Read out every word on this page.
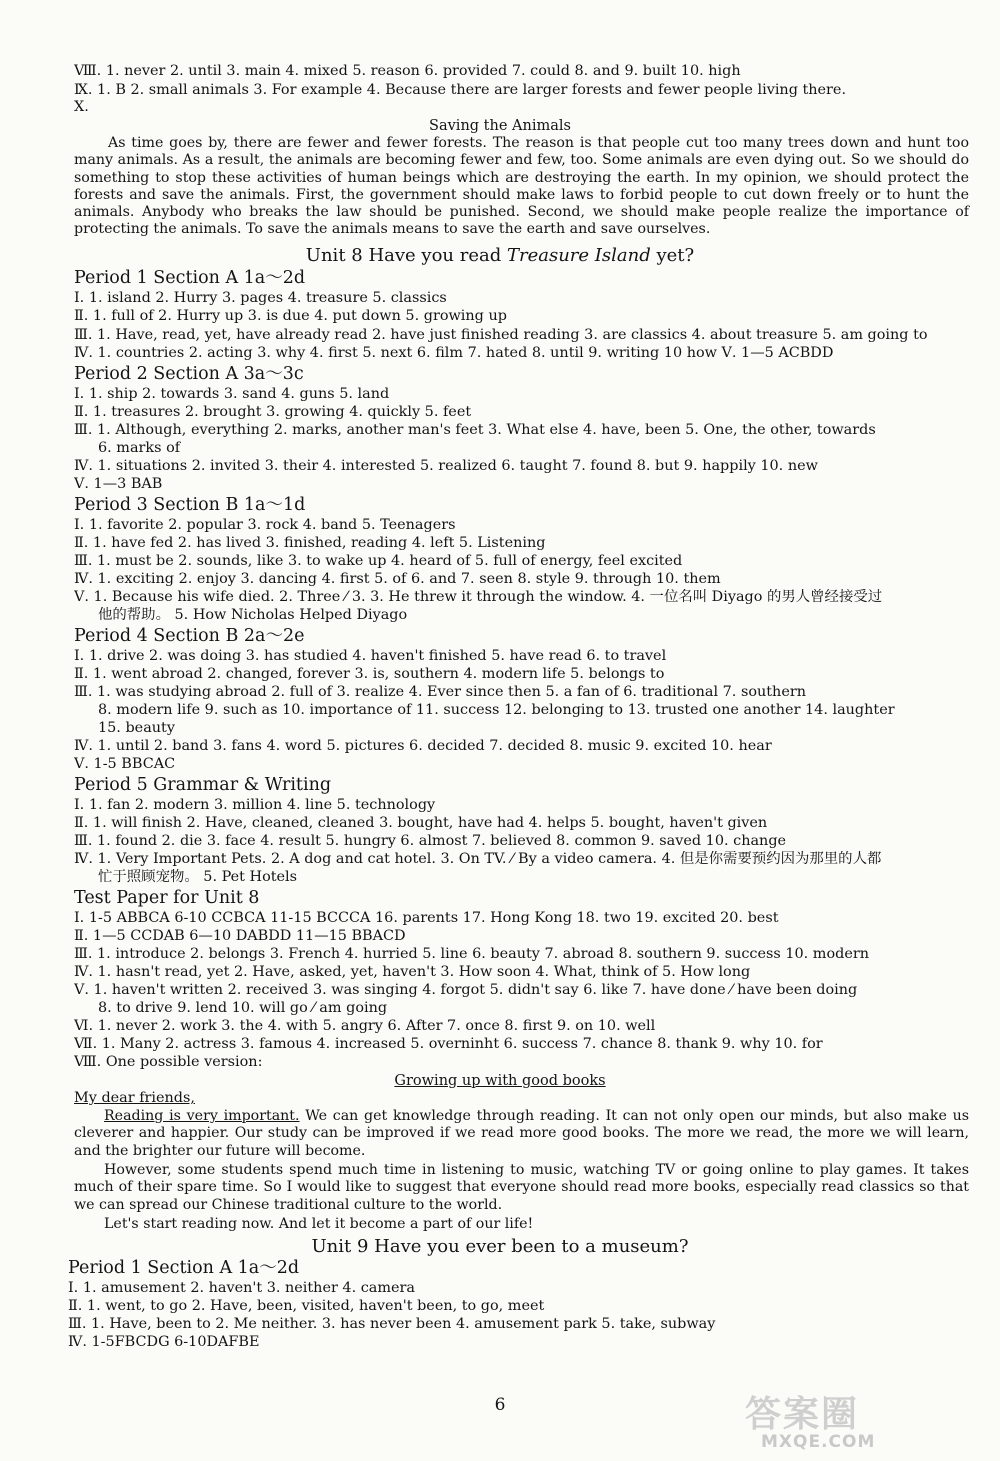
Ⅷ. 1. never 2. until 3. main 4. mixed 5. reason 6. provided 7. could 8. and 9. built 10. high
Ⅸ. 1. B 2. small animals 3. For example 4. Because there are larger forests and fewer people living there.
Ⅹ.
Saving the Animals
As time goes by, there are fewer and fewer forests. The reason is that people cut too many trees down and hunt too many animals. As a result, the animals are becoming fewer and few, too. Some animals are even dying out. So we should do something to stop these activities of human beings which are destroying the earth. In my opinion, we should protect the forests and save the animals. First, the government should make laws to forbid people to cut down freely or to hunt the animals. Anybody who breaks the law should be punished. Second, we should make people realize the importance of protecting the animals. To save the animals means to save the earth and save ourselves.
Unit 8 Have you read Treasure Island yet?
Period 1 Section A 1a～2d
Ⅰ. 1. island 2. Hurry 3. pages 4. treasure 5. classics
Ⅱ. 1. full of 2. Hurry up 3. is due 4. put down 5. growing up
Ⅲ. 1. Have, read, yet, have already read 2. have just finished reading 3. are classics 4. about treasure 5. am going to
Ⅳ. 1. countries 2. acting 3. why 4. first 5. next 6. film 7. hated 8. until 9. writing 10 how Ⅴ. 1—5 ACBDD
Period 2 Section A 3a～3c
Ⅰ. 1. ship 2. towards 3. sand 4. guns 5. land
Ⅱ. 1. treasures 2. brought 3. growing 4. quickly 5. feet
Ⅲ. 1. Although, everything 2. marks, another man's feet 3. What else 4. have, been 5. One, the other, towards
6. marks of
Ⅳ. 1. situations 2. invited 3. their 4. interested 5. realized 6. taught 7. found 8. but 9. happily 10. new
Ⅴ. 1—3 BAB
Period 3 Section B 1a～1d
Ⅰ. 1. favorite 2. popular 3. rock 4. band 5. Teenagers
Ⅱ. 1. have fed 2. has lived 3. finished, reading 4. left 5. Listening
Ⅲ. 1. must be 2. sounds, like 3. to wake up 4. heard of 5. full of energy, feel excited
Ⅳ. 1. exciting 2. enjoy 3. dancing 4. first 5. of 6. and 7. seen 8. style 9. through 10. them
Ⅴ. 1. Because his wife died. 2. Three ⁄ 3. 3. He threw it through the window. 4. 一位名叫 Diyago 的男人曾经接受过
他的帮助。 5. How Nicholas Helped Diyago
Period 4 Section B 2a～2e
Ⅰ. 1. drive 2. was doing 3. has studied 4. haven't finished 5. have read 6. to travel
Ⅱ. 1. went abroad 2. changed, forever 3. is, southern 4. modern life 5. belongs to
Ⅲ. 1. was studying abroad 2. full of 3. realize 4. Ever since then 5. a fan of 6. traditional 7. southern
8. modern life 9. such as 10. importance of 11. success 12. belonging to 13. trusted one another 14. laughter
15. beauty
Ⅳ. 1. until 2. band 3. fans 4. word 5. pictures 6. decided 7. decided 8. music 9. excited 10. hear
Ⅴ. 1-5 BBCAC
Period 5 Grammar & Writing
Ⅰ. 1. fan 2. modern 3. million 4. line 5. technology
Ⅱ. 1. will finish 2. Have, cleaned, cleaned 3. bought, have had 4. helps 5. bought, haven't given
Ⅲ. 1. found 2. die 3. face 4. result 5. hungry 6. almost 7. believed 8. common 9. saved 10. change
Ⅳ. 1. Very Important Pets. 2. A dog and cat hotel. 3. On TV. ⁄ By a video camera. 4. 但是你需要预约因为那里的人都
忙于照顾宠物。 5. Pet Hotels
Test Paper for Unit 8
Ⅰ. 1-5 ABBCA 6-10 CCBCA 11-15 BCCCA 16. parents 17. Hong Kong 18. two 19. excited 20. best
Ⅱ. 1—5 CCDAB 6—10 DABDD 11—15 BBACD
Ⅲ. 1. introduce 2. belongs 3. French 4. hurried 5. line 6. beauty 7. abroad 8. southern 9. success 10. modern
Ⅳ. 1. hasn't read, yet 2. Have, asked, yet, haven't 3. How soon 4. What, think of 5. How long
Ⅴ. 1. haven't written 2. received 3. was singing 4. forgot 5. didn't say 6. like 7. have done ⁄ have been doing
8. to drive 9. lend 10. will go ⁄ am going
Ⅵ. 1. never 2. work 3. the 4. with 5. angry 6. After 7. once 8. first 9. on 10. well
Ⅶ. 1. Many 2. actress 3. famous 4. increased 5. overninht 6. success 7. chance 8. thank 9. why 10. for
Ⅷ. One possible version:
Growing up with good books
My dear friends,
Reading is very important. We can get knowledge through reading. It can not only open our minds, but also make us cleverer and happier. Our study can be improved if we read more good books. The more we read, the more we will learn, and the brighter our future will become.
However, some students spend much time in listening to music, watching TV or going online to play games. It takes much of their spare time. So I would like to suggest that everyone should read more books, especially read classics so that we can spread our Chinese traditional culture to the world.
Let's start reading now. And let it become a part of our life!
Unit 9 Have you ever been to a museum?
Period 1 Section A 1a～2d
Ⅰ. 1. amusement 2. haven't 3. neither 4. camera
Ⅱ. 1. went, to go 2. Have, been, visited, haven't been, to go, meet
Ⅲ. 1. Have, been to 2. Me neither. 3. has never been 4. amusement park 5. take, subway
Ⅳ. 1-5FBCDG 6-10DAFBE
6	答案圈
MXQE.COM
